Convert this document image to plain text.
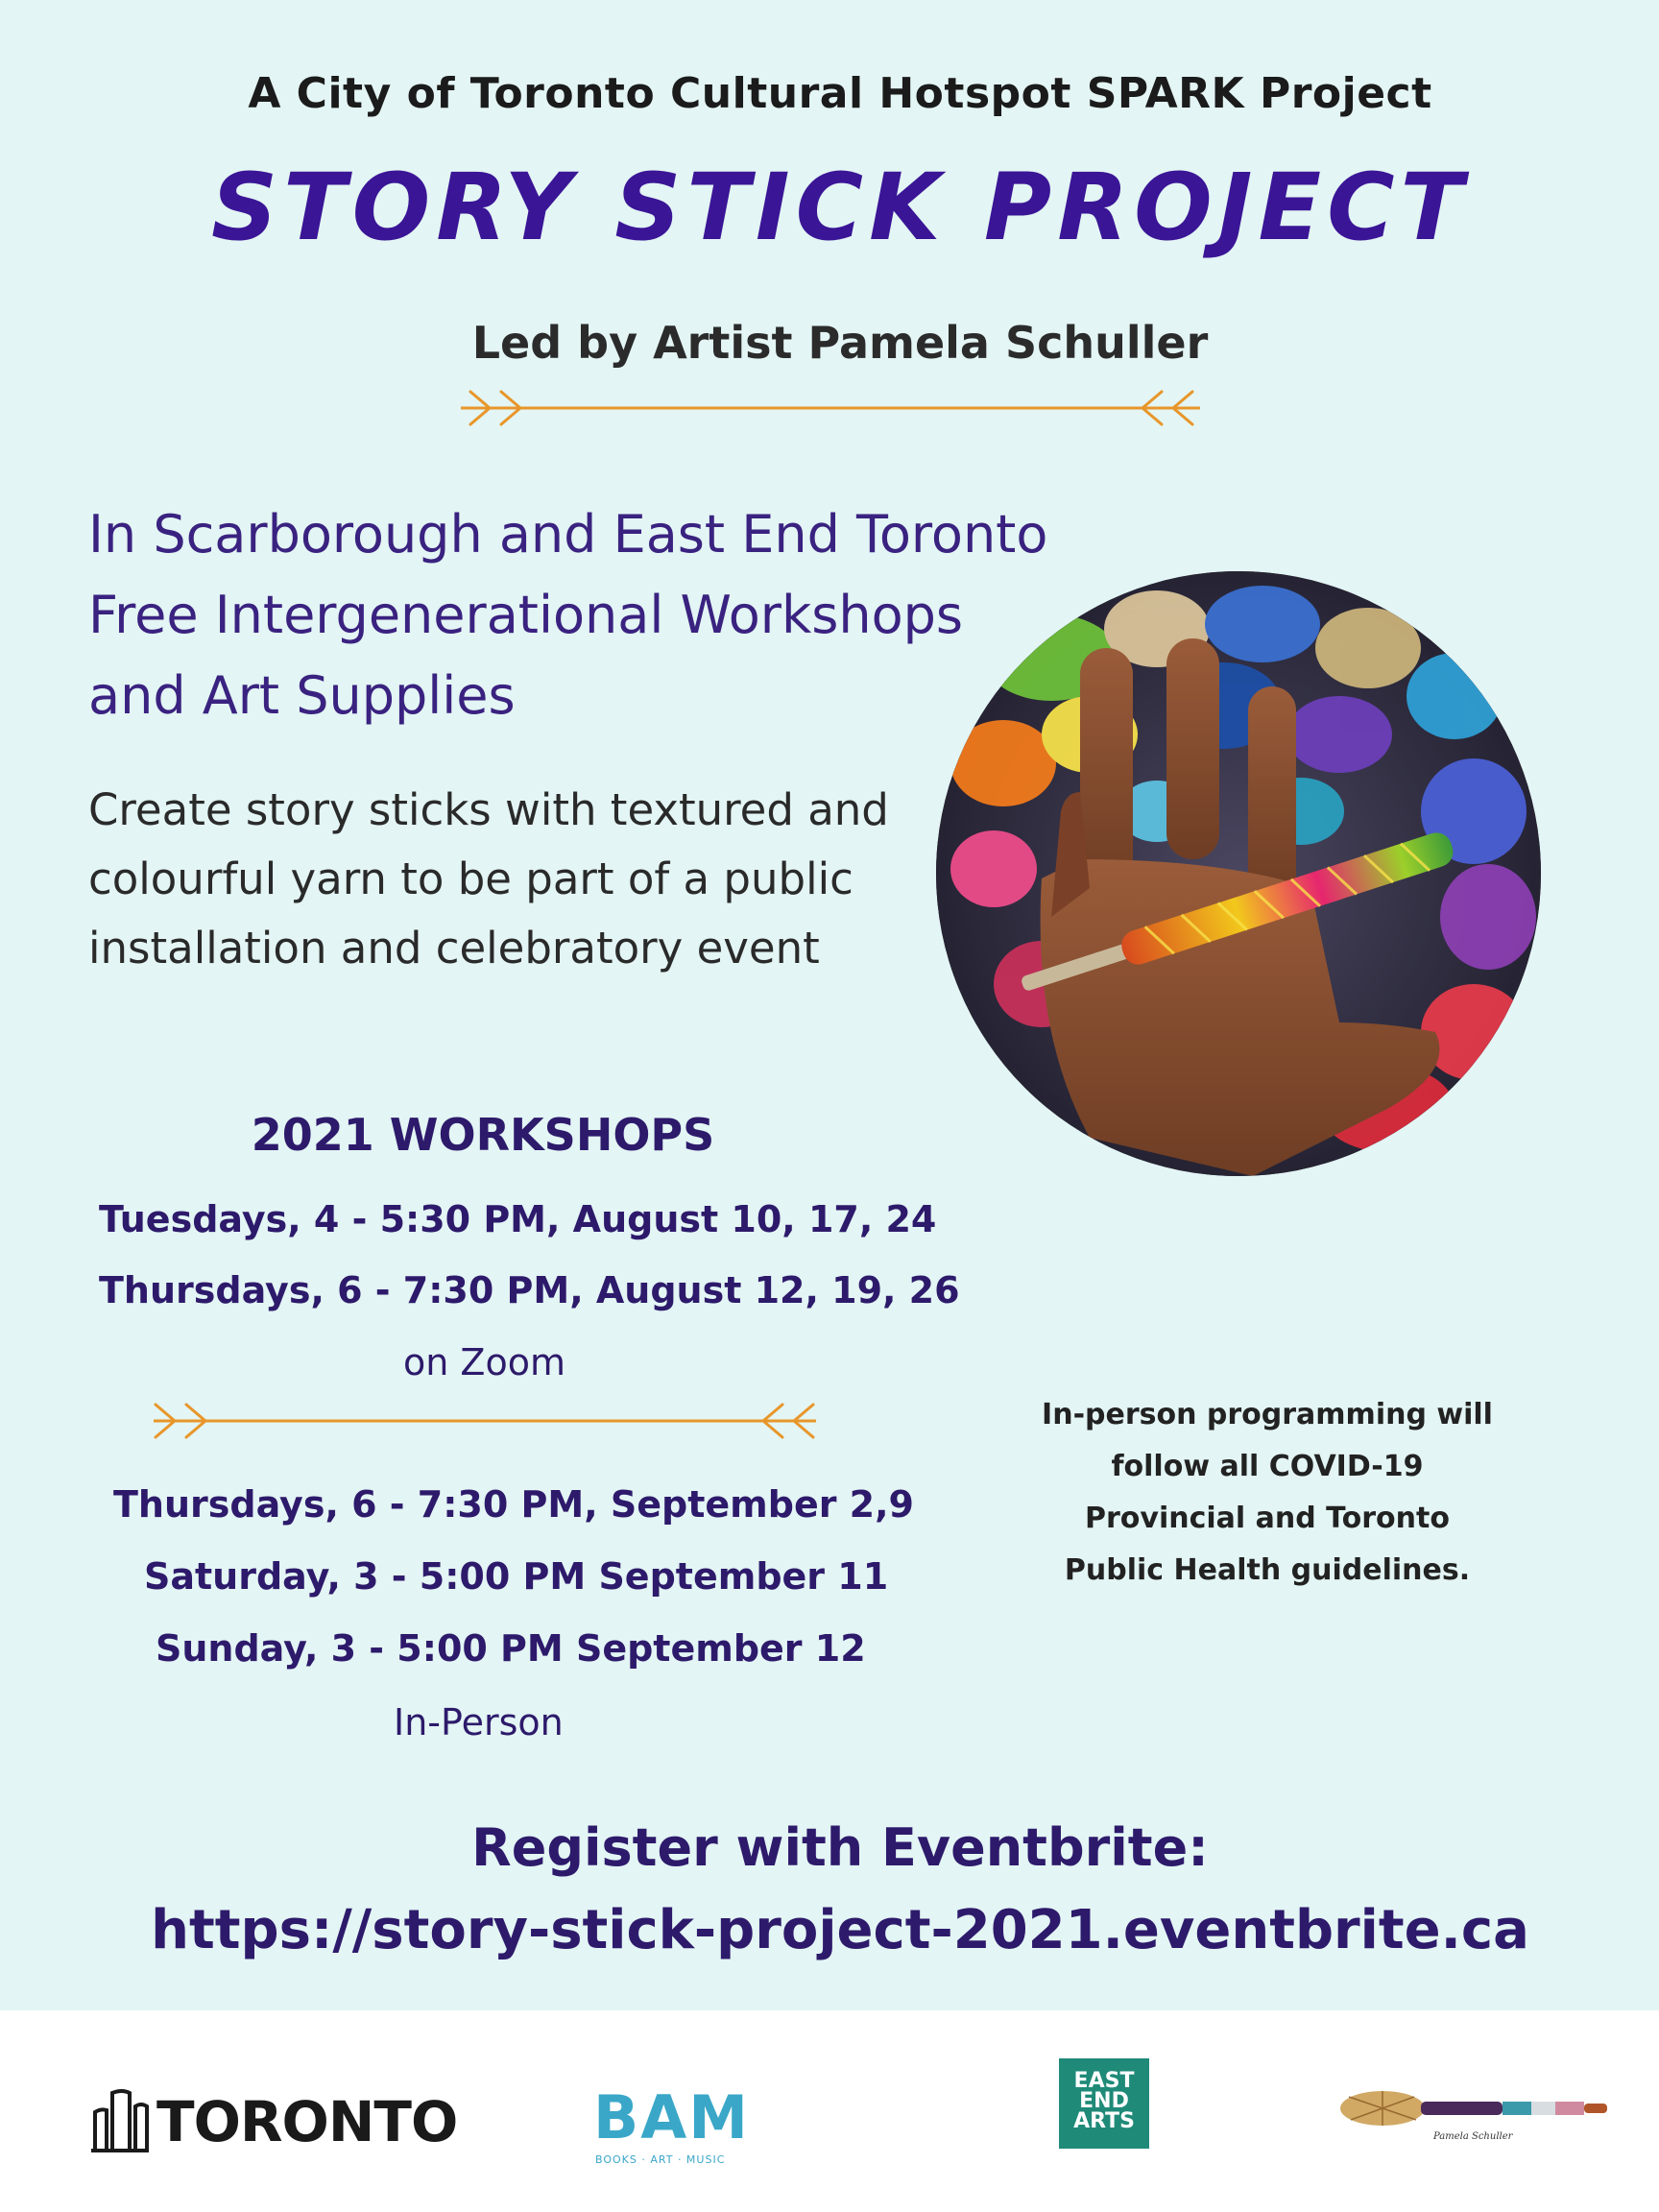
A City of Toronto Cultural Hotspot SPARK Project
STORY STICK PROJECT
Led by Artist Pamela Schuller
In Scarborough and East End Toronto
Free Intergenerational Workshops
and Art Supplies
Create story sticks with textured and
colourful yarn to be part of a public
installation and celebratory event
2021 WORKSHOPS
Tuesdays, 4 - 5:30 PM, August 10, 17, 24
Thursdays, 6 - 7:30 PM, August 12, 19, 26
on Zoom
Thursdays, 6 - 7:30 PM, September 2,9
Saturday, 3 - 5:00 PM September 11
Sunday, 3 - 5:00 PM September 12
In-Person
In-person programming will
follow all COVID-19
Provincial and Toronto
Public Health guidelines.
Register with Eventbrite:
https://story-stick-project-2021.eventbrite.ca
TORONTO BAM
BOOKS · ART · MUSIC
EAST
END
ARTS
Pamela Schuller
